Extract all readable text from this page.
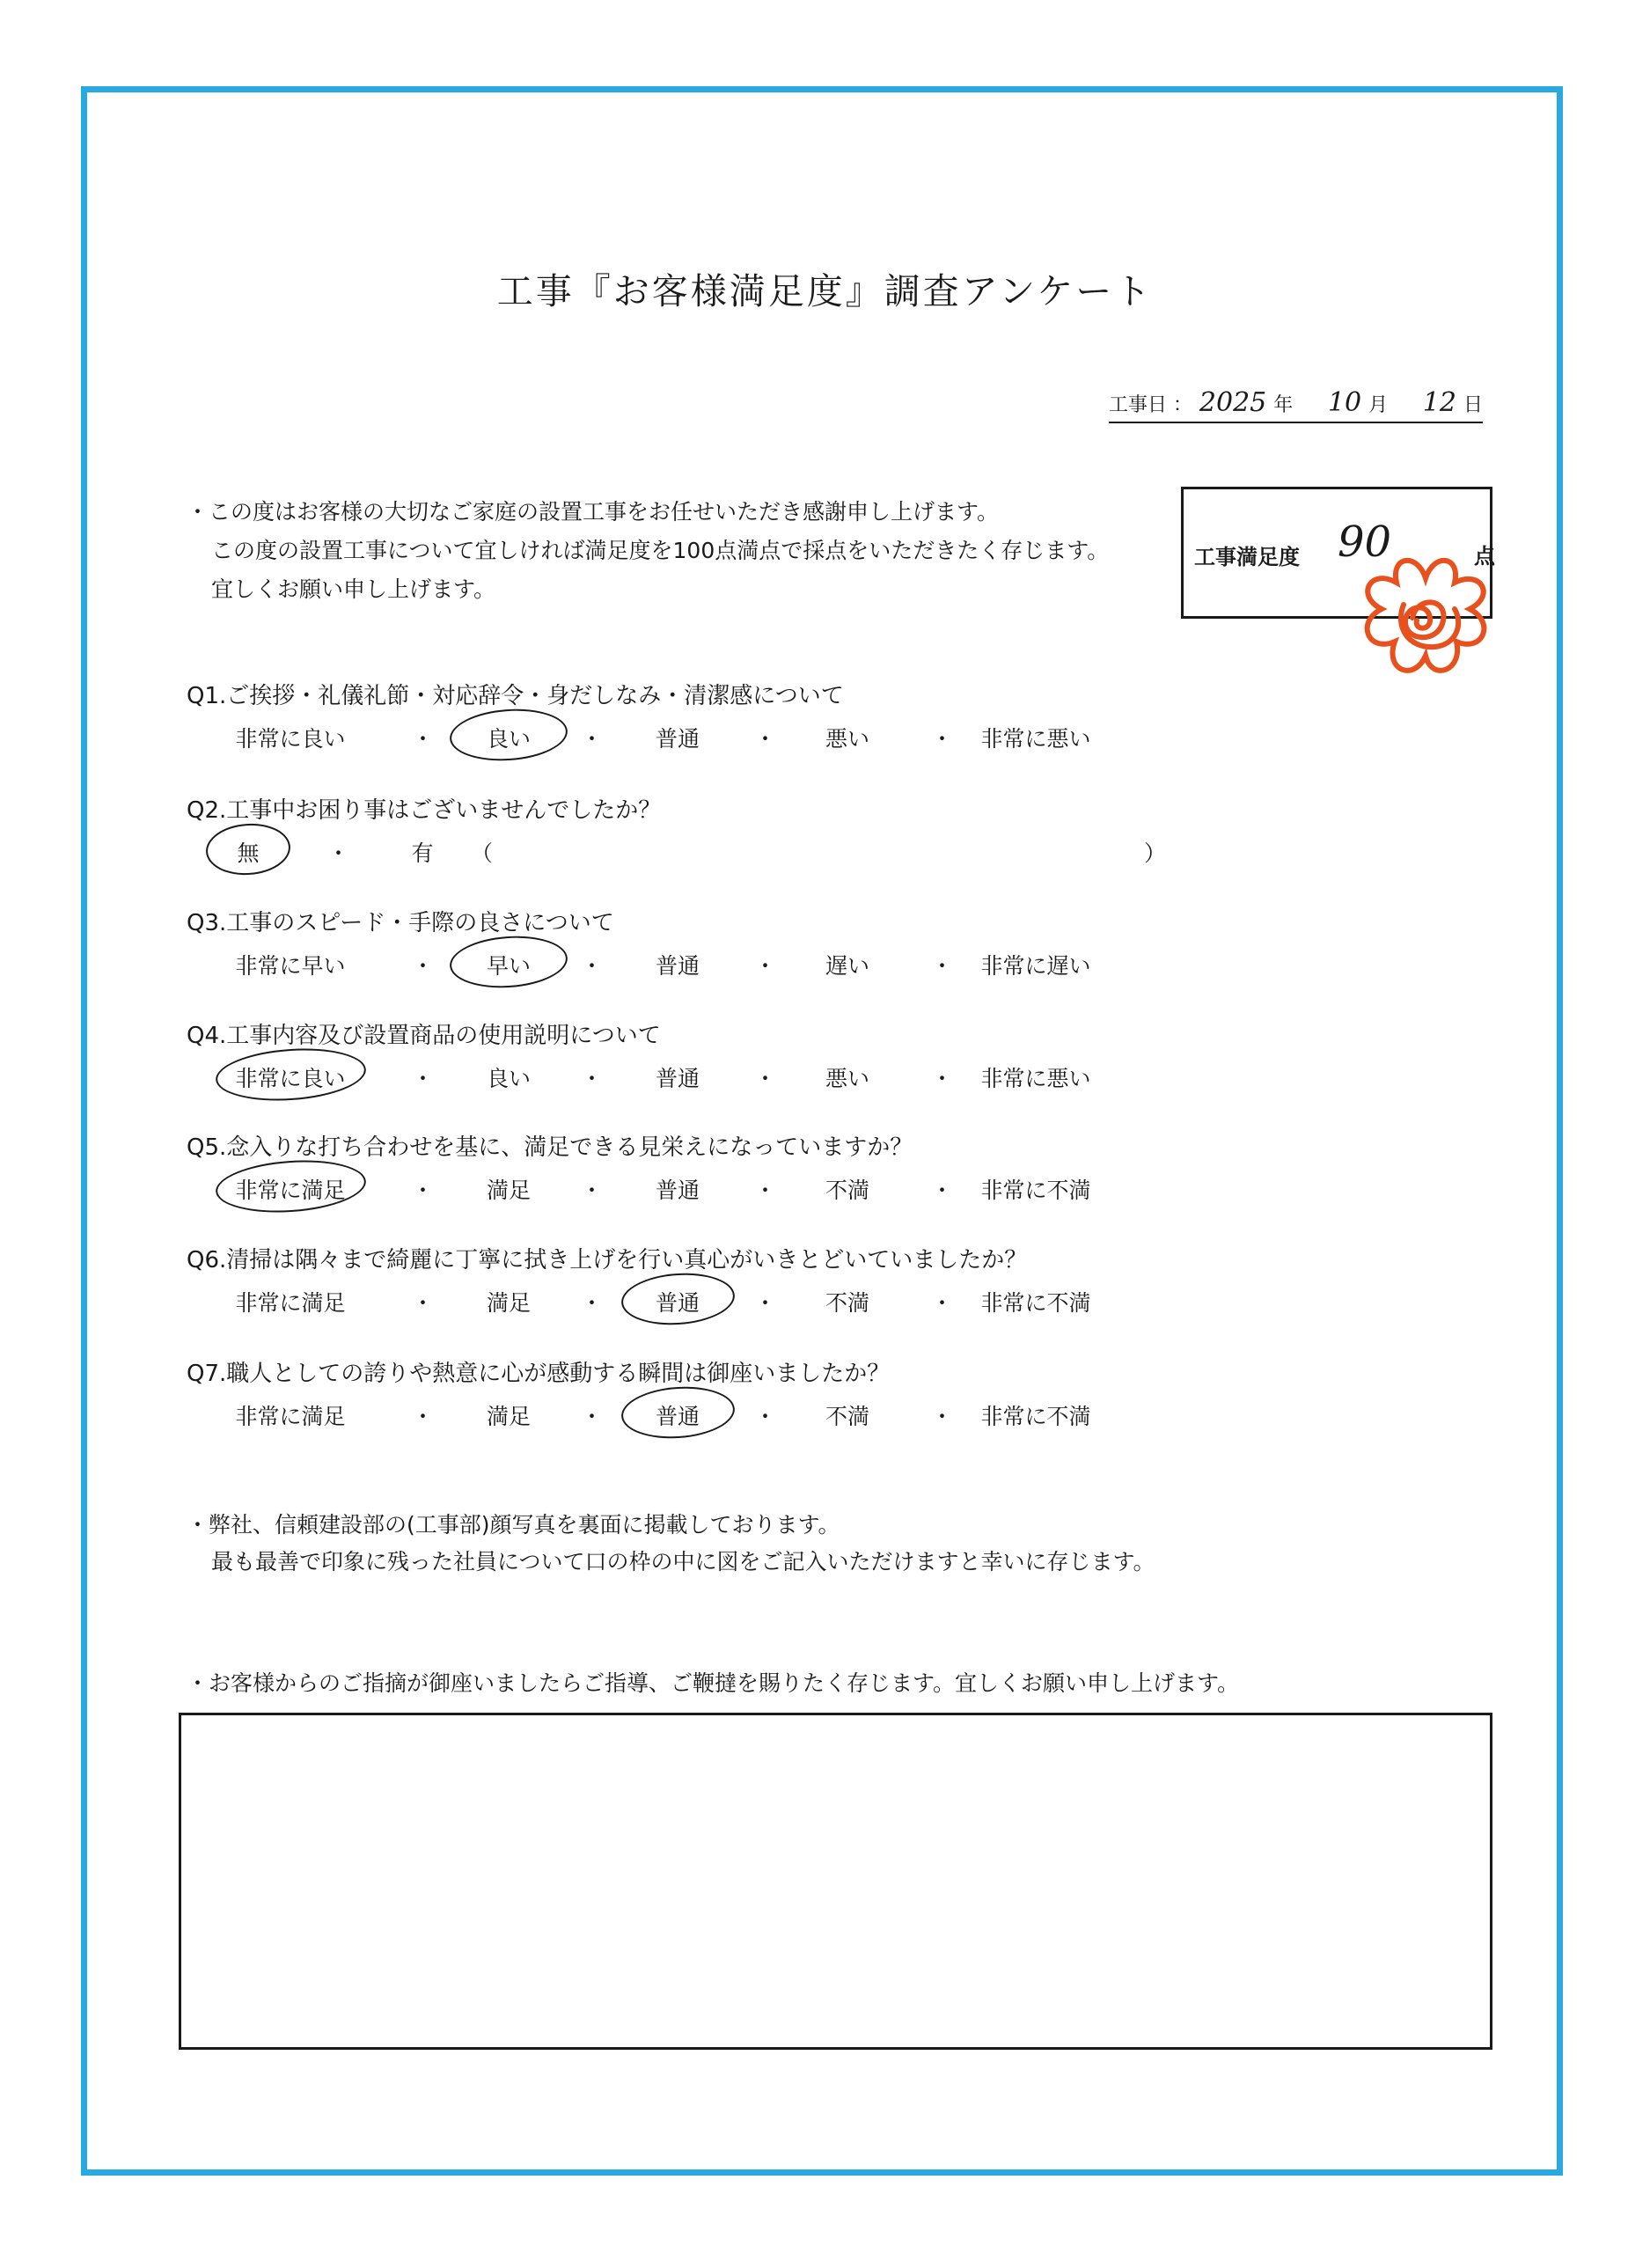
工事『お客様満足度』調査アンケート
工事日 ： 2025 年 10 月 12 日
・この度はお客様の大切なご家庭の設置工事をお任せいただき感謝申し上げます。
この度の設置工事について宜しければ満足度を100点満点で採点をいただきたく存じます。
宜しくお願い申し上げます。
工事満足度 90	点
Q1.ご挨拶・礼儀礼節・対応辞令・身だしなみ・清潔感について
非常に良い	良い	普通	悪い	非常に悪い
・	・	・	・
Q2.工事中お困り事はございませんでしたか？
無	有
・	（	）
Q3.工事のスピード・手際の良さについて
非常に早い	早い	普通	遅い	非常に遅い
・	・	・	・
Q4.工事内容及び設置商品の使用説明について
非常に良い	良い	普通	悪い	非常に悪い
・	・	・	・
Q5.念入りな打ち合わせを基に、満足できる見栄えになっていますか？
非常に満足	満足	普通	不満	非常に不満
・	・	・	・
Q6.清掃は隅々まで綺麗に丁寧に拭き上げを行い真心がいきとどいていましたか？
非常に満足	満足	普通	不満	非常に不満
・	・	・	・
Q7.職人としての誇りや熱意に心が感動する瞬間は御座いましたか？
非常に満足	満足	普通	不満	非常に不満
・	・	・	・
・弊社、信頼建設部の(工事部)顔写真を裏面に掲載しております。
最も最善で印象に残った社員について口の枠の中に図をご記入いただけますと幸いに存じます。
・お客様からのご指摘が御座いましたらご指導、ご鞭撻を賜りたく存じます。宜しくお願い申し上げます。
